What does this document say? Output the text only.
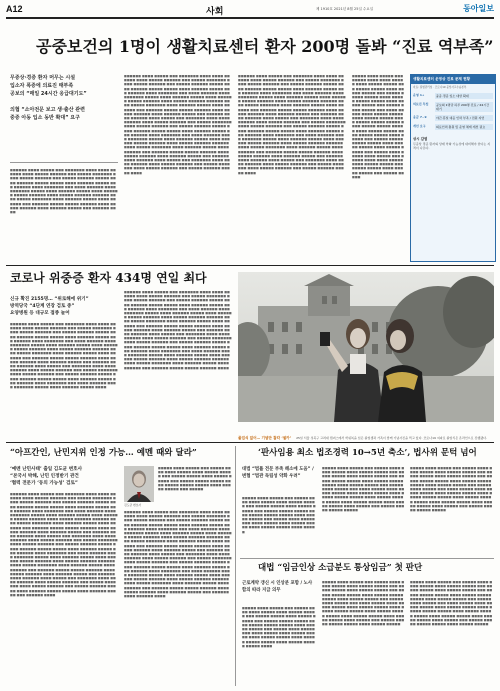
A12	사회	제 1910호 2021년 8월 25일 수요일	동아일보
공중보건의 1명이 생활치료센터 환자 200명 돌봐 “진료 역부족”
무증상·경증 환자 머무는 시설
입소자 폭증에 의료진 태부족
공보의 “매일 24시간 응급대기도”
의협 “소아전문 보고 생·출산 관련
중증 아동 입소 동반 확대” 요구
■■■■■■ ■■■■ ■■■■■ ■■■ ■■■■■■■ ■■■■ ■■■■ ■■■■■■ ■■■■ ■■■■■ ■■■■■■ ■■■ ■■■■■ ■■■■■■■ ■■■■ ■■■■■ ■■■■■■ ■■■ ■■■■■ ■■■■■■ ■■■■■ ■■■■ ■■■■■■ ■■■■■ ■■■■■ ■■■■ ■■■■■■ ■■■■■ ■■■ ■■■■■■ ■■■■ ■■■■■■■ ■■■ ■■■■ ■■■■■■ ■■■■ ■■■■■■■ ■■■■■ ■■■■ ■■■■■■ ■■■■■ ■■■■ ■■■■■■ ■■■■■ ■■■■■■ ■■■■ ■■■■■ ■■■■■■ ■■■■■■ ■■■■ ■■■■■ ■■■■■■■ ■■■■ ■■■■■■ ■■■■■ ■■■■ ■■■■■■ ■■■ ■■■■■■ ■■■■■ ■■■■■ ■■■■■■ ■■■■ ■■■■■ ■■■■■■ ■■■■ ■■■■■■ ■■■■■ ■■■ ■■■■■■ ■■■■
■■■■■■ ■■■■ ■■■■■ ■■■ ■■■■■■■ ■■■■ ■■■■ ■■■■■■ ■■■■ ■■■■■ ■■■■■■ ■■■ ■■■■■ ■■■■■■■ ■■■■ ■■■■■ ■■■■■■ ■■■ ■■■■■ ■■■■■■ ■■■■■ ■■■■ ■■■■■■ ■■■■■ ■■■■■ ■■■■ ■■■■■■ ■■■■■ ■■■ ■■■■■■ ■■■■ ■■■■■■■ ■■■ ■■■■ ■■■■■■ ■■■■ ■■■■■■■ ■■■■■ ■■■■ ■■■■■■ ■■■■■ ■■■■ ■■■■■■ ■■■■■ ■■■■■■ ■■■■ ■■■■■ ■■■■■■ ■■■■■■ ■■■■ ■■■■■ ■■■■■■■ ■■■■ ■■■■■■ ■■■■■ ■■■■ ■■■■■■ ■■■ ■■■■■■ ■■■■■ ■■■■■ ■■■■■■ ■■■■ ■■■■■ ■■■■■■ ■■■■ ■■■■■■ ■■■■■ ■■■ ■■■■■■ ■■■■ ■■■■■■ ■■■■ ■■■■■ ■■■ ■■■■■■■ ■■■■ ■■■■ ■■■■■■ ■■■■ ■■■■■ ■■■■■■ ■■■ ■■■■■ ■■■■■■■ ■■■■ ■■■■■ ■■■■■■ ■■■ ■■■■■ ■■■■■■ ■■■■■ ■■■■ ■■■■■■ ■■■■■ ■■■■■ ■■■■ ■■■■■■ ■■■■■ ■■■ ■■■■■■ ■■■■ ■■■■■■■ ■■■ ■■■■ ■■■■■■ ■■■■ ■■■■■■■ ■■■■■ ■■■■ ■■■■■■ ■■■■■ ■■■■ ■■■■■■ ■■■■■ ■■■■■■ ■■■■ ■■■■■ ■■■■■■ ■■■■■■ ■■■■ ■■■■■ ■■■■■■■ ■■■■ ■■■■■■ ■■■■■ ■■■■ ■■■■■■ ■■■ ■■■■■■ ■■■■■ ■■■■■ ■■■■■■ ■■■■ ■■■■■ ■■■■■■ ■■■■ ■■■■■■ ■■■■■ ■■■ ■■■■■■ ■■■■ ■■■■■■ ■■■■ ■■■■■ ■■■ ■■■■■■■ ■■■■ ■■■■ ■■■■■■ ■■■■ ■■■■■ ■■■■■■ ■■■ ■■■■■ ■■■■■■■ ■■■■ ■■■■■ ■■■■■■ ■■■ ■■■■■ ■■■■■■ ■■■■■ ■■■■
■■■■■■ ■■■■ ■■■■■ ■■■ ■■■■■■■ ■■■■ ■■■■ ■■■■■■ ■■■■ ■■■■■ ■■■■■■ ■■■ ■■■■■ ■■■■■■■ ■■■■ ■■■■■ ■■■■■■ ■■■ ■■■■■ ■■■■■■ ■■■■■ ■■■■ ■■■■■■ ■■■■■ ■■■■■ ■■■■ ■■■■■■ ■■■■■ ■■■ ■■■■■■ ■■■■ ■■■■■■■ ■■■ ■■■■ ■■■■■■ ■■■■ ■■■■■■■ ■■■■■ ■■■■ ■■■■■■ ■■■■■ ■■■■ ■■■■■■ ■■■■■ ■■■■■■ ■■■■ ■■■■■ ■■■■■■ ■■■■■■ ■■■■ ■■■■■ ■■■■■■■ ■■■■ ■■■■■■ ■■■■■ ■■■■ ■■■■■■ ■■■ ■■■■■■ ■■■■■ ■■■■■ ■■■■■■ ■■■■ ■■■■■ ■■■■■■ ■■■■ ■■■■■■ ■■■■■ ■■■ ■■■■■■ ■■■■ ■■■■■■ ■■■■ ■■■■■ ■■■ ■■■■■■■ ■■■■ ■■■■ ■■■■■■ ■■■■ ■■■■■ ■■■■■■ ■■■ ■■■■■ ■■■■■■■ ■■■■ ■■■■■ ■■■■■■ ■■■ ■■■■■ ■■■■■■ ■■■■■ ■■■■ ■■■■■■ ■■■■■ ■■■■■ ■■■■ ■■■■■■ ■■■■■ ■■■ ■■■■■■ ■■■■ ■■■■■■■ ■■■ ■■■■ ■■■■■■ ■■■■ ■■■■■■■ ■■■■■ ■■■■ ■■■■■■ ■■■■■ ■■■■ ■■■■■■ ■■■■■ ■■■■■■ ■■■■ ■■■■■ ■■■■■■ ■■■■■■ ■■■■ ■■■■■ ■■■■■■■ ■■■■ ■■■■■■ ■■■■■ ■■■■ ■■■■■■ ■■■ ■■■■■■ ■■■■■ ■■■■■ ■■■■■■ ■■■■ ■■■■■ ■■■■■■ ■■■■ ■■■■■■ ■■■■■ ■■■ ■■■■■■ ■■■■ ■■■■■■ ■■■■ ■■■■■ ■■■ ■■■■■■■ ■■■■ ■■■■ ■■■■■■ ■■■■ ■■■■■ ■■■■■■ ■■■ ■■■■■ ■■■■■■■ ■■■■ ■■■■■ ■■■■■■ ■■■ ■■■■■ ■■■■■■ ■■■■■ ■■■■
■■■■■ ■■■■ ■■■■■ ■■■ ■■■■■ ■■■■ ■■■■ ■■■■■ ■■■■ ■■■■■ ■■■■■ ■■■ ■■■■■ ■■■■■ ■■■■ ■■■■■ ■■■■■ ■■■ ■■■■■ ■■■■■ ■■■■■ ■■■■ ■■■■■ ■■■■■ ■■■■■ ■■■■ ■■■■■ ■■■■■ ■■■ ■■■■■ ■■■■ ■■■■■ ■■■ ■■■■ ■■■■■ ■■■■ ■■■■■ ■■■■■ ■■■■ ■■■■■ ■■■■■ ■■■■ ■■■■■ ■■■■■ ■■■■■ ■■■■ ■■■■■ ■■■■■ ■■■■■ ■■■■ ■■■■■ ■■■■■ ■■■■ ■■■■■ ■■■■■ ■■■■ ■■■■■ ■■■ ■■■■■ ■■■■■ ■■■■■ ■■■■■ ■■■■ ■■■■■ ■■■■■ ■■■■ ■■■■■ ■■■■■ ■■■ ■■■■■ ■■■■ ■■■■■ ■■■■ ■■■■■ ■■■ ■■■■■ ■■■■ ■■■■ ■■■■■ ■■■■ ■■■■■ ■■■■■ ■■■ ■■■■■ ■■■■■ ■■■■ ■■■■■ ■■■■■ ■■■ ■■■■■ ■■■■■
생활치료센터 운영상 진료 문제 현황
자료: 질병관리청 · 코로나19 중앙사고수습본부
운영 1+	중증·경증 입소 대상 확대
의료진 투입	공보의 1명당 하루 200명 진료 / 24시간 대기
응급 7~9	야간·휴일 대응 인력 부족 / 전원 지연
개선 요구	의료인력 충원 및 운영 체계 개선 필요
상시 감염
무증상 경증 환자의 상태 악화 가능성에 대비해야 한다는 지적이 나온다.
코로나 위중증 환자 434명 연일 최다
신규 확진 2155명… “위로해에 위기”
방역당국 “4단계 연장 검토 중”
요양병원 등 대규모 접종 늘어
■■■■■■ ■■■■ ■■■■■ ■■■ ■■■■■■■ ■■■■ ■■■■ ■■■■■■ ■■■■ ■■■■■ ■■■■■■ ■■■ ■■■■■ ■■■■■■■ ■■■■ ■■■■■ ■■■■■■ ■■■ ■■■■■ ■■■■■■ ■■■■■ ■■■■ ■■■■■■ ■■■■■ ■■■■■ ■■■■ ■■■■■■ ■■■■■ ■■■ ■■■■■■ ■■■■ ■■■■■■■ ■■■ ■■■■ ■■■■■■ ■■■■ ■■■■■■■ ■■■■■ ■■■■ ■■■■■■ ■■■■■ ■■■■ ■■■■■■ ■■■■■ ■■■■■■ ■■■■ ■■■■■ ■■■■■■ ■■■■■■ ■■■■ ■■■■■ ■■■■■■■ ■■■■ ■■■■■■ ■■■■■ ■■■■ ■■■■■■ ■■■ ■■■■■■ ■■■■■ ■■■■■ ■■■■■■ ■■■■ ■■■■■ ■■■■■■ ■■■■ ■■■■■■ ■■■■■ ■■■ ■■■■■■ ■■■■ ■■■■■■ ■■■■ ■■■■■ ■■■ ■■■■■■■ ■■■■ ■■■■ ■■■■■■ ■■■■ ■■■■■ ■■■■■■ ■■■ ■■■■■ ■■■■■■■ ■■■■ ■■■■■ ■■■■■■ ■■■ ■■■■■ ■■■■■■ ■■■■■ ■■■■ ■■■■■■ ■■■■■ ■■■■■ ■■■■ ■■■■■■ ■■■■■ ■■■ ■■■■■■ ■■■■ ■■■■■■■ ■■■ ■■■■ ■■■■■■ ■■■■ ■■■■■■■ ■■■■■ ■■■■ ■■■■■■ ■■■■■ ■■■■
■■■■■■ ■■■■ ■■■■■ ■■■ ■■■■■■■ ■■■■ ■■■■ ■■■■■■ ■■■■ ■■■■■ ■■■■■■ ■■■ ■■■■■ ■■■■■■■ ■■■■ ■■■■■ ■■■■■■ ■■■ ■■■■■ ■■■■■■ ■■■■■ ■■■■ ■■■■■■ ■■■■■ ■■■■■ ■■■■ ■■■■■■ ■■■■■ ■■■ ■■■■■■ ■■■■ ■■■■■■■ ■■■ ■■■■ ■■■■■■ ■■■■ ■■■■■■■ ■■■■■ ■■■■ ■■■■■■ ■■■■■ ■■■■ ■■■■■■ ■■■■■ ■■■■■■ ■■■■ ■■■■■ ■■■■■■ ■■■■■■ ■■■■ ■■■■■ ■■■■■■■ ■■■■ ■■■■■■ ■■■■■ ■■■■ ■■■■■■ ■■■ ■■■■■■ ■■■■■ ■■■■■ ■■■■■■ ■■■■ ■■■■■ ■■■■■■ ■■■■ ■■■■■■ ■■■■■ ■■■ ■■■■■■ ■■■■ ■■■■■■ ■■■■ ■■■■■ ■■■ ■■■■■■■ ■■■■ ■■■■ ■■■■■■ ■■■■ ■■■■■ ■■■■■■ ■■■ ■■■■■ ■■■■■■■ ■■■■ ■■■■■ ■■■■■■ ■■■ ■■■■■ ■■■■■■ ■■■■■ ■■■■ ■■■■■■ ■■■■■ ■■■■■ ■■■■ ■■■■■■ ■■■■■ ■■■ ■■■■■■ ■■■■ ■■■■■■■ ■■■ ■■■■ ■■■■■■ ■■■■ ■■■■■■■ ■■■■■ ■■■■ ■■■■■■ ■■■■■ ■■■■ ■■■■■■ ■■■■■ ■■■■■■ ■■■■ ■■■■■ ■■■■■■ ■■■■■■ ■■■■ ■■■■■ ■■■■■■■ ■■■■ ■■■■■■ ■■■■■ ■■■■ ■■■■■■ ■■■ ■■■■■■ ■■■■■ ■■■■■ ■■■■■■ ■■■■
졸업식 없어… 기념만 찰칵 ‘셀카’ 25일 서울 성북구 고려대 캠퍼스에서 학위복을 입은 졸업생과 가족이 함께 기념사진을 찍고 있다. 코로나19 여파로 졸업식은 온라인으로 진행됐다.
“아프간인, 난민지위 인정 가능… 예멘 때와 달라”
‘예멘 난민사태’ 출일 김도균 변호사
“본국서 박해, 난민 인정받기 관건
‘협력 전문가 ‘동의 가능성’ 검토”
■■■■■■ ■■■■ ■■■■■ ■■■ ■■■■■■■ ■■■■ ■■■■ ■■■■■■ ■■■■ ■■■■■ ■■■■■■ ■■■ ■■■■■ ■■■■■■■ ■■■■ ■■■■■ ■■■■■■ ■■■ ■■■■■ ■■■■■■ ■■■■■ ■■■■ ■■■■■■ ■■■■■ ■■■■■ ■■■■ ■■■■■■ ■■■■■ ■■■ ■■■■■■ ■■■■ ■■■■■■■ ■■■ ■■■■ ■■■■■■ ■■■■ ■■■■■■■ ■■■■■ ■■■■ ■■■■■■ ■■■■■ ■■■■ ■■■■■■ ■■■■■ ■■■■■■ ■■■■ ■■■■■ ■■■■■■ ■■■■■■ ■■■■ ■■■■■ ■■■■■■■ ■■■■ ■■■■■■ ■■■■■ ■■■■ ■■■■■■ ■■■ ■■■■■■ ■■■■■ ■■■■■ ■■■■■■ ■■■■ ■■■■■ ■■■■■■ ■■■■ ■■■■■■ ■■■■■ ■■■ ■■■■■■ ■■■■ ■■■■■■ ■■■■ ■■■■■ ■■■ ■■■■■■■ ■■■■ ■■■■ ■■■■■■ ■■■■ ■■■■■ ■■■■■■ ■■■ ■■■■■ ■■■■■■■ ■■■■ ■■■■■ ■■■■■■ ■■■ ■■■■■ ■■■■■■ ■■■■■ ■■■■ ■■■■■■ ■■■■■ ■■■■■ ■■■■ ■■■■■■ ■■■■■ ■■■ ■■■■■■ ■■■■ ■■■■■■■ ■■■ ■■■■ ■■■■■■ ■■■■ ■■■■■■■ ■■■■■ ■■■■ ■■■■■■ ■■■■■ ■■■■ ■■■■■■ ■■■■■ ■■■■■■ ■■■■ ■■■■■ ■■■■■■ ■■■■■■ ■■■■ ■■■■■ ■■■■■■■ ■■■■ ■■■■■■ ■■■■■ ■■■■ ■■■■■■ ■■■ ■■■■■■ ■■■■■ ■■■■■ ■■■■■■ ■■■■ ■■■■■ ■■■■■■ ■■■■ ■■■■■■ ■■■■■ ■■■ ■■■■■■ ■■■■ ■■■■■■ ■■■■ ■■■■■ ■■■ ■■■■■■■ ■■■■ ■■■■ ■■■■■■ ■■■■ ■■■■■ ■■■■■■ ■■■ ■■■■■ ■■■■■■■ ■■■■ ■■■■■ ■■■■■■ ■■■ ■■■■■ ■■■■■■ ■■■■■ ■■■■ ■■■■■■ ■■■■■ ■■■■■ ■■■■ ■■■■■■ ■■■■■ ■■■ ■■■■■■ ■■■■
김도균 변호사
■■■■■ ■■■■ ■■■■■ ■■■ ■■■■■ ■■■■ ■■■■ ■■■■■ ■■■■ ■■■■■ ■■■■■ ■■■ ■■■■■ ■■■■■ ■■■■ ■■■■■ ■■■■■ ■■■ ■■■■■ ■■■■■ ■■■■■ ■■■■ ■■■■■ ■■■■■ ■■■■■ ■■■■ ■■■■■ ■■■■■ ■■■ ■■■■■
■■■■■■ ■■■■ ■■■■■ ■■■ ■■■■■■■ ■■■■ ■■■■ ■■■■■■ ■■■■ ■■■■■ ■■■■■■ ■■■ ■■■■■ ■■■■■■■ ■■■■ ■■■■■ ■■■■■■ ■■■ ■■■■■ ■■■■■■ ■■■■■ ■■■■ ■■■■■■ ■■■■■ ■■■■■ ■■■■ ■■■■■■ ■■■■■ ■■■ ■■■■■■ ■■■■ ■■■■■■■ ■■■ ■■■■ ■■■■■■ ■■■■ ■■■■■■■ ■■■■■ ■■■■ ■■■■■■ ■■■■■ ■■■■ ■■■■■■ ■■■■■ ■■■■■■ ■■■■ ■■■■■ ■■■■■■ ■■■■■■ ■■■■ ■■■■■ ■■■■■■■ ■■■■ ■■■■■■ ■■■■■ ■■■■ ■■■■■■ ■■■ ■■■■■■ ■■■■■ ■■■■■ ■■■■■■ ■■■■ ■■■■■ ■■■■■■ ■■■■ ■■■■■■ ■■■■■ ■■■ ■■■■■■ ■■■■ ■■■■■■ ■■■■ ■■■■■ ■■■ ■■■■■■■ ■■■■ ■■■■ ■■■■■■ ■■■■ ■■■■■ ■■■■■■ ■■■ ■■■■■ ■■■■■■■ ■■■■ ■■■■■ ■■■■■■ ■■■ ■■■■■ ■■■■■■ ■■■■■ ■■■■ ■■■■■■ ■■■■■ ■■■■■ ■■■■ ■■■■■■ ■■■■■ ■■■ ■■■■■■ ■■■■ ■■■■■■■ ■■■ ■■■■ ■■■■■■ ■■■■ ■■■■■■■ ■■■■■ ■■■■ ■■■■■■ ■■■■■ ■■■■ ■■■■■■ ■■■■■ ■■■■■■ ■■■■ ■■■■■ ■■■■■■ ■■■■■■ ■■■■ ■■■■■ ■■■■■■■ ■■■■ ■■■■■■ ■■■■■ ■■■■ ■■■■■■ ■■■ ■■■■■■ ■■■■■ ■■■■■ ■■■■■■ ■■■■ ■■■■■ ■■■■■■ ■■■■ ■■■■■■ ■■■■■ ■■■ ■■■■■■ ■■■■ ■■■■■■ ■■■■
‘판사임용 최소 법조경력 10→5년 축소’, 법사위 문턱 넘어
대법 “법률 전문 부족 해소에 도움” / 변협 “법관 독립성 약화 우려”
■■■■■ ■■■■ ■■■■■ ■■■ ■■■■■ ■■■■ ■■■■ ■■■■■ ■■■■ ■■■■■ ■■■■■ ■■■ ■■■■■ ■■■■■ ■■■■ ■■■■■ ■■■■■ ■■■ ■■■■■ ■■■■■ ■■■■■ ■■■■ ■■■■■ ■■■■■ ■■■■■ ■■■■ ■■■■■ ■■■■■ ■■■ ■■■■■ ■■■■ ■■■■■ ■■■ ■■■■ ■■■■■ ■■■■ ■■■■■ ■■■■■ ■■■■ ■■■■■ ■■■■■ ■■■■ ■■■■■
■■■■■ ■■■■ ■■■■■ ■■■ ■■■■■ ■■■■ ■■■■ ■■■■■ ■■■■ ■■■■■ ■■■■■ ■■■ ■■■■■ ■■■■■ ■■■■ ■■■■■ ■■■■■ ■■■ ■■■■■ ■■■■■ ■■■■■ ■■■■ ■■■■■ ■■■■■ ■■■■■ ■■■■ ■■■■■ ■■■■■ ■■■ ■■■■■ ■■■■ ■■■■■ ■■■ ■■■■ ■■■■■ ■■■■ ■■■■■ ■■■■■ ■■■■ ■■■■■ ■■■■■ ■■■■ ■■■■■ ■■■■■ ■■■■■ ■■■■ ■■■■■ ■■■■■ ■■■■■ ■■■■ ■■■■■ ■■■■■ ■■■■ ■■■■■ ■■■■■ ■■■■ ■■■■■ ■■■ ■■■■■ ■■■■■ ■■■■■ ■■■■■
■■■■■ ■■■■ ■■■■■ ■■■ ■■■■■ ■■■■ ■■■■ ■■■■■ ■■■■ ■■■■■ ■■■■■ ■■■ ■■■■■ ■■■■■ ■■■■ ■■■■■ ■■■■■ ■■■ ■■■■■ ■■■■■ ■■■■■ ■■■■ ■■■■■ ■■■■■ ■■■■■ ■■■■ ■■■■■ ■■■■■ ■■■ ■■■■■ ■■■■ ■■■■■ ■■■ ■■■■ ■■■■■ ■■■■ ■■■■■ ■■■■■ ■■■■ ■■■■■ ■■■■■ ■■■■ ■■■■■ ■■■■■ ■■■■■ ■■■■ ■■■■■ ■■■■■ ■■■■■ ■■■■ ■■■■■ ■■■■■ ■■■■ ■■■■■ ■■■■■ ■■■■ ■■■■■ ■■■ ■■■■■ ■■■■■ ■■■■■ ■■■■■
대법 “임금인상 소급분도 통상임금” 첫 판단
근로계약 갱신 시 인상분 포함 / 노사 합의 따라 지급 의무
■■■■■ ■■■■ ■■■■■ ■■■ ■■■■■ ■■■■ ■■■■ ■■■■■ ■■■■ ■■■■■ ■■■■■ ■■■ ■■■■■ ■■■■■ ■■■■ ■■■■■ ■■■■■ ■■■ ■■■■■ ■■■■■ ■■■■■ ■■■■ ■■■■■ ■■■■■ ■■■■■ ■■■■ ■■■■■ ■■■■■ ■■■ ■■■■■ ■■■■ ■■■■■ ■■■ ■■■■ ■■■■■ ■■■■ ■■■■■ ■■■■■ ■■■■ ■■■■■ ■■■■■ ■■■■ ■■■■■ ■■■■■ ■■■■■ ■■■■ ■■■■■ ■■■■■ ■■■■■ ■■■■
■■■■■ ■■■■ ■■■■■ ■■■ ■■■■■ ■■■■ ■■■■ ■■■■■ ■■■■ ■■■■■ ■■■■■ ■■■ ■■■■■ ■■■■■ ■■■■ ■■■■■ ■■■■■ ■■■ ■■■■■ ■■■■■ ■■■■■ ■■■■ ■■■■■ ■■■■■ ■■■■■ ■■■■ ■■■■■ ■■■■■ ■■■ ■■■■■ ■■■■ ■■■■■ ■■■ ■■■■ ■■■■■ ■■■■ ■■■■■ ■■■■■ ■■■■ ■■■■■ ■■■■■ ■■■■ ■■■■■ ■■■■■ ■■■■■ ■■■■ ■■■■■ ■■■■■ ■■■■■ ■■■■ ■■■■■ ■■■■■ ■■■■ ■■■■■ ■■■■■ ■■■■ ■■■■■ ■■■ ■■■■■ ■■■■■ ■■■■■ ■■■■■ ■■■■ ■■■■■ ■■■■■
■■■■■ ■■■■ ■■■■■ ■■■ ■■■■■ ■■■■ ■■■■ ■■■■■ ■■■■ ■■■■■ ■■■■■ ■■■ ■■■■■ ■■■■■ ■■■■ ■■■■■ ■■■■■ ■■■ ■■■■■ ■■■■■ ■■■■■ ■■■■ ■■■■■ ■■■■■ ■■■■■ ■■■■ ■■■■■ ■■■■■ ■■■ ■■■■■ ■■■■ ■■■■■ ■■■ ■■■■ ■■■■■ ■■■■ ■■■■■ ■■■■■ ■■■■ ■■■■■ ■■■■■ ■■■■ ■■■■■ ■■■■■ ■■■■■ ■■■■ ■■■■■ ■■■■■ ■■■■■ ■■■■ ■■■■■ ■■■■■ ■■■■ ■■■■■ ■■■■■ ■■■■ ■■■■■ ■■■ ■■■■■ ■■■■■ ■■■■■ ■■■■■ ■■■■ ■■■■■ ■■■■■
